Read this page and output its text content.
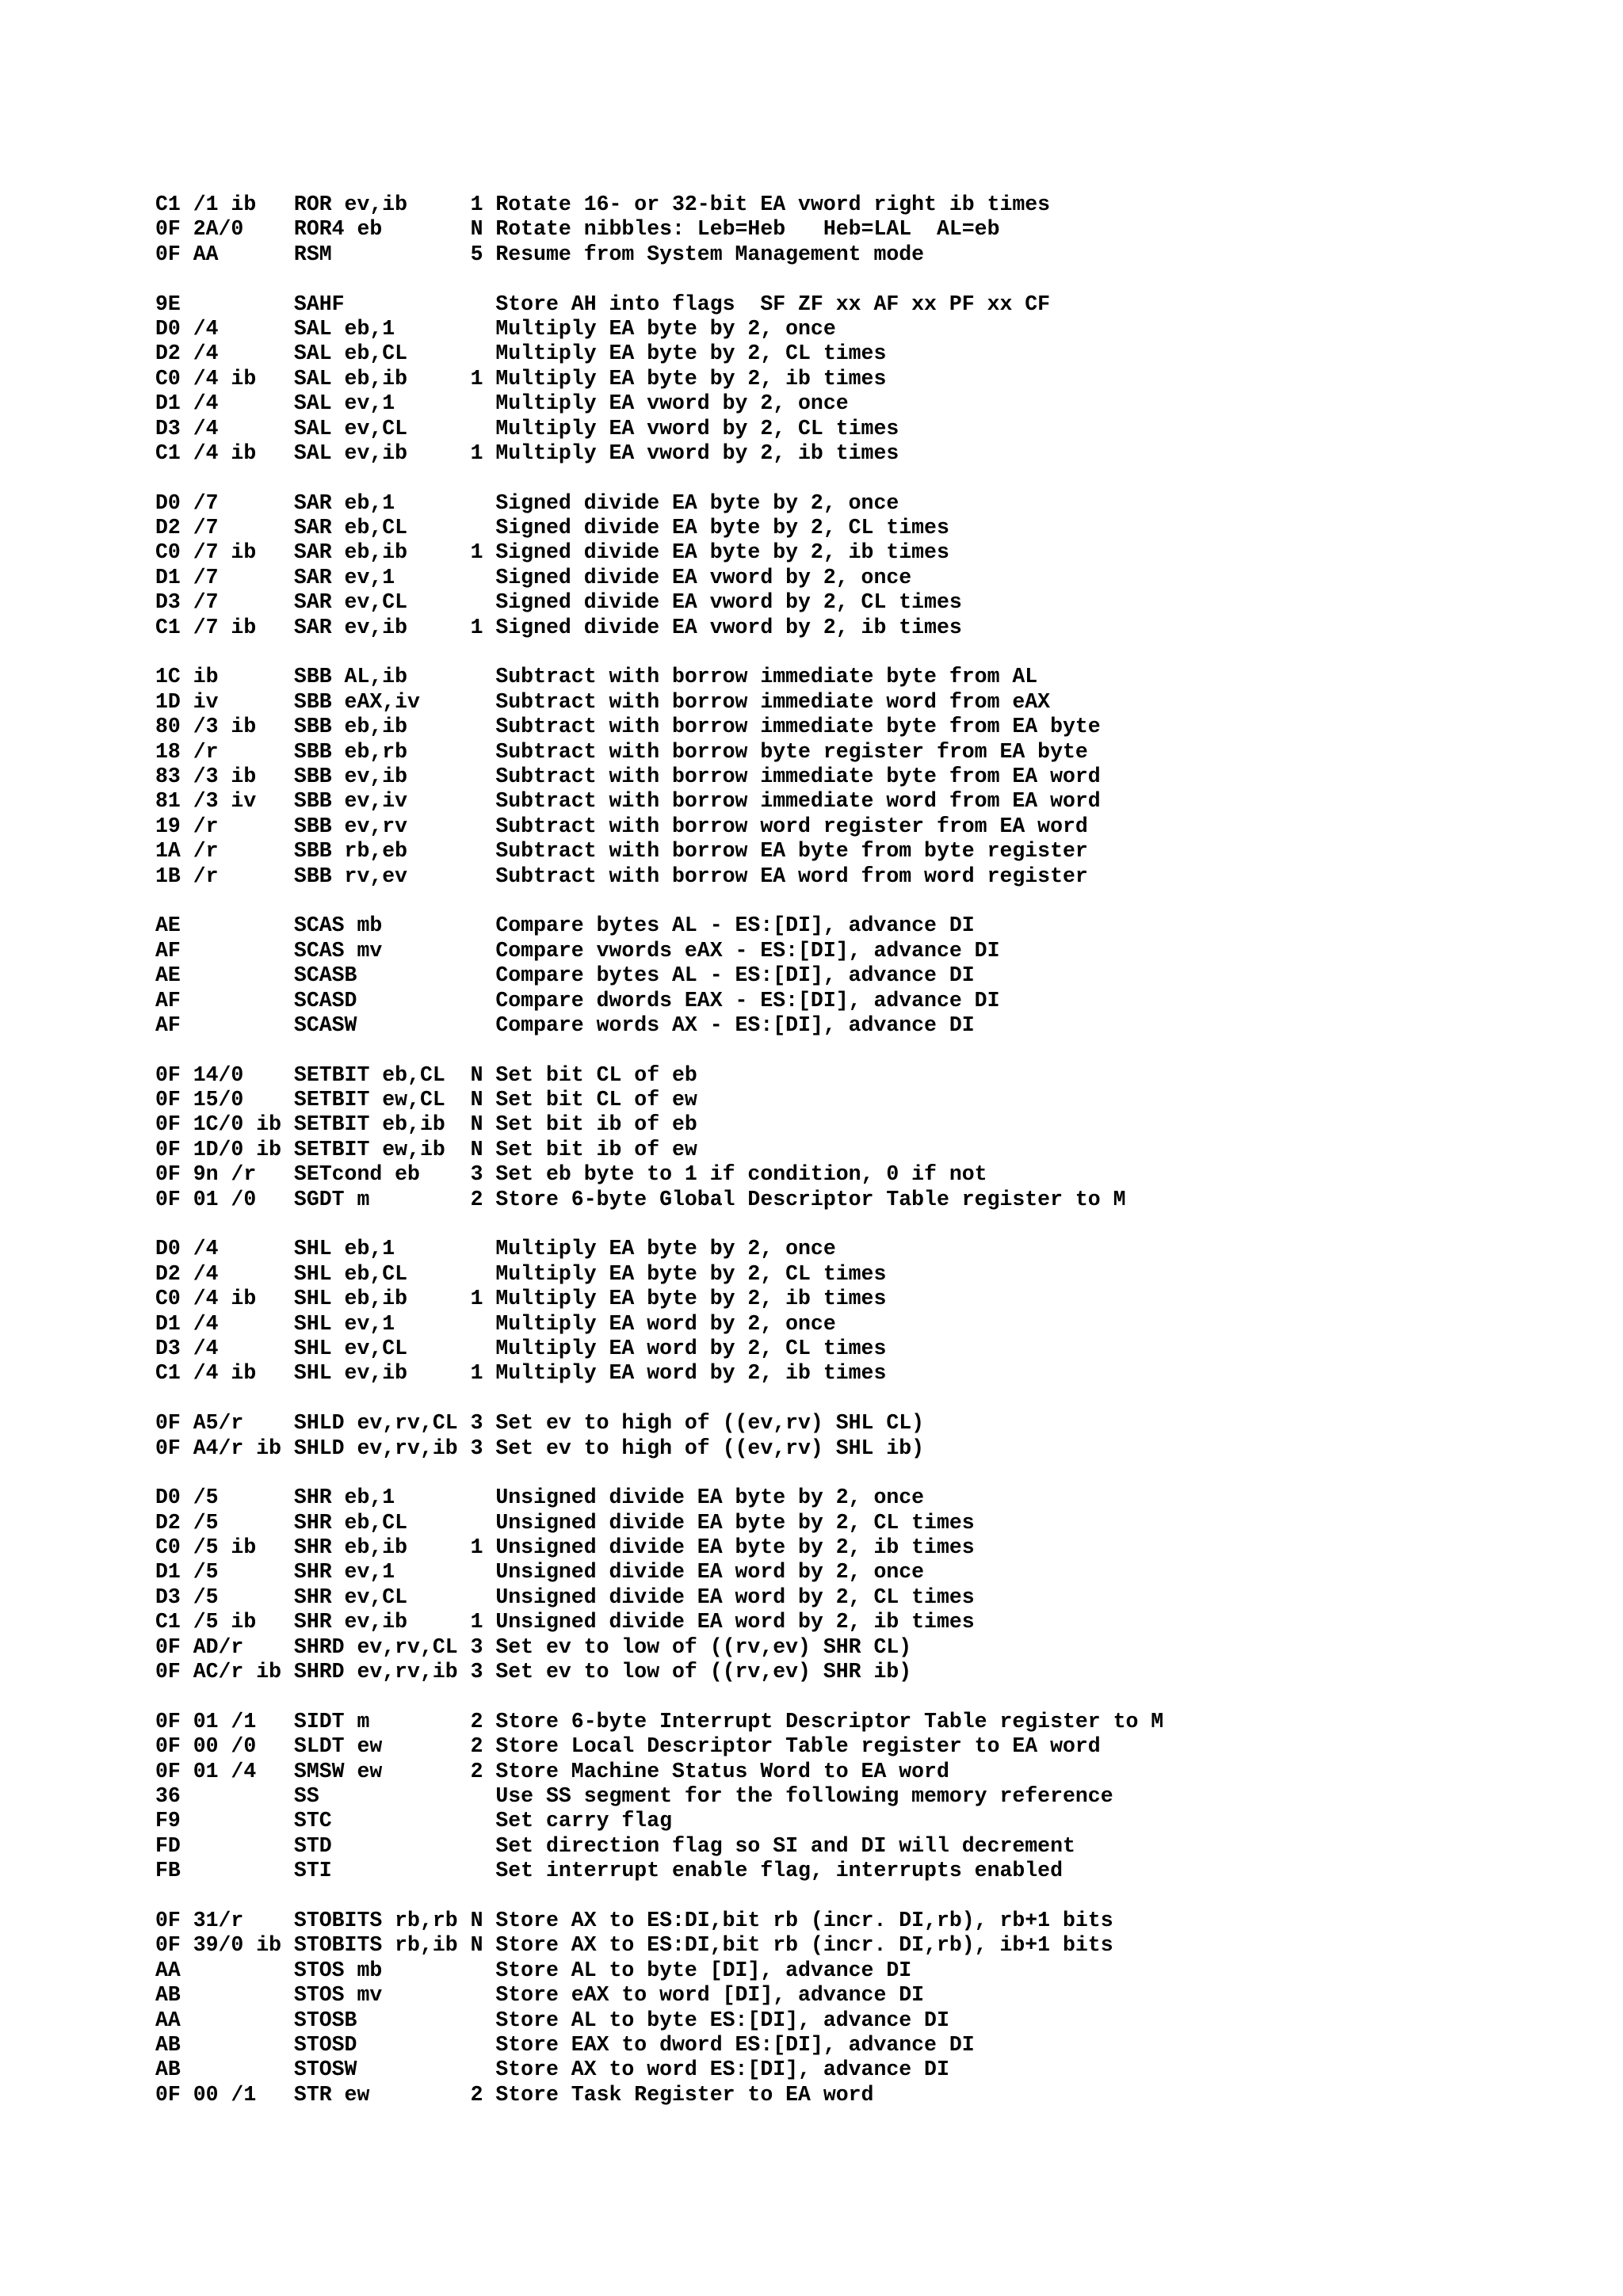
C1 /1 ib   ROR ev,ib     1 Rotate 16- or 32-bit EA vword right ib times
0F 2A/0    ROR4 eb       N Rotate nibbles: Leb=Heb   Heb=LAL  AL=eb
0F AA      RSM           5 Resume from System Management mode
9E         SAHF            Store AH into flags  SF ZF xx AF xx PF xx CF
D0 /4      SAL eb,1        Multiply EA byte by 2, once
D2 /4      SAL eb,CL       Multiply EA byte by 2, CL times
C0 /4 ib   SAL eb,ib     1 Multiply EA byte by 2, ib times
D1 /4      SAL ev,1        Multiply EA vword by 2, once
D3 /4      SAL ev,CL       Multiply EA vword by 2, CL times
C1 /4 ib   SAL ev,ib     1 Multiply EA vword by 2, ib times
D0 /7      SAR eb,1        Signed divide EA byte by 2, once
D2 /7      SAR eb,CL       Signed divide EA byte by 2, CL times
C0 /7 ib   SAR eb,ib     1 Signed divide EA byte by 2, ib times
D1 /7      SAR ev,1        Signed divide EA vword by 2, once
D3 /7      SAR ev,CL       Signed divide EA vword by 2, CL times
C1 /7 ib   SAR ev,ib     1 Signed divide EA vword by 2, ib times
1C ib      SBB AL,ib       Subtract with borrow immediate byte from AL
1D iv      SBB eAX,iv      Subtract with borrow immediate word from eAX
80 /3 ib   SBB eb,ib       Subtract with borrow immediate byte from EA byte
18 /r      SBB eb,rb       Subtract with borrow byte register from EA byte
83 /3 ib   SBB ev,ib       Subtract with borrow immediate byte from EA word
81 /3 iv   SBB ev,iv       Subtract with borrow immediate word from EA word
19 /r      SBB ev,rv       Subtract with borrow word register from EA word
1A /r      SBB rb,eb       Subtract with borrow EA byte from byte register
1B /r      SBB rv,ev       Subtract with borrow EA word from word register
AE         SCAS mb         Compare bytes AL - ES:[DI], advance DI
AF         SCAS mv         Compare vwords eAX - ES:[DI], advance DI
AE         SCASB           Compare bytes AL - ES:[DI], advance DI
AF         SCASD           Compare dwords EAX - ES:[DI], advance DI
AF         SCASW           Compare words AX - ES:[DI], advance DI
0F 14/0    SETBIT eb,CL  N Set bit CL of eb
0F 15/0    SETBIT ew,CL  N Set bit CL of ew
0F 1C/0 ib SETBIT eb,ib  N Set bit ib of eb
0F 1D/0 ib SETBIT ew,ib  N Set bit ib of ew
0F 9n /r   SETcond eb    3 Set eb byte to 1 if condition, 0 if not
0F 01 /0   SGDT m        2 Store 6-byte Global Descriptor Table register to M
D0 /4      SHL eb,1        Multiply EA byte by 2, once
D2 /4      SHL eb,CL       Multiply EA byte by 2, CL times
C0 /4 ib   SHL eb,ib     1 Multiply EA byte by 2, ib times
D1 /4      SHL ev,1        Multiply EA word by 2, once
D3 /4      SHL ev,CL       Multiply EA word by 2, CL times
C1 /4 ib   SHL ev,ib     1 Multiply EA word by 2, ib times
0F A5/r    SHLD ev,rv,CL 3 Set ev to high of ((ev,rv) SHL CL)
0F A4/r ib SHLD ev,rv,ib 3 Set ev to high of ((ev,rv) SHL ib)
D0 /5      SHR eb,1        Unsigned divide EA byte by 2, once
D2 /5      SHR eb,CL       Unsigned divide EA byte by 2, CL times
C0 /5 ib   SHR eb,ib     1 Unsigned divide EA byte by 2, ib times
D1 /5      SHR ev,1        Unsigned divide EA word by 2, once
D3 /5      SHR ev,CL       Unsigned divide EA word by 2, CL times
C1 /5 ib   SHR ev,ib     1 Unsigned divide EA word by 2, ib times
0F AD/r    SHRD ev,rv,CL 3 Set ev to low of ((rv,ev) SHR CL)
0F AC/r ib SHRD ev,rv,ib 3 Set ev to low of ((rv,ev) SHR ib)
0F 01 /1   SIDT m        2 Store 6-byte Interrupt Descriptor Table register to M
0F 00 /0   SLDT ew       2 Store Local Descriptor Table register to EA word
0F 01 /4   SMSW ew       2 Store Machine Status Word to EA word
36         SS              Use SS segment for the following memory reference
F9         STC             Set carry flag
FD         STD             Set direction flag so SI and DI will decrement
FB         STI             Set interrupt enable flag, interrupts enabled
0F 31/r    STOBITS rb,rb N Store AX to ES:DI,bit rb (incr. DI,rb), rb+1 bits
0F 39/0 ib STOBITS rb,ib N Store AX to ES:DI,bit rb (incr. DI,rb), ib+1 bits
AA         STOS mb         Store AL to byte [DI], advance DI
AB         STOS mv         Store eAX to word [DI], advance DI
AA         STOSB           Store AL to byte ES:[DI], advance DI
AB         STOSD           Store EAX to dword ES:[DI], advance DI
AB         STOSW           Store AX to word ES:[DI], advance DI
0F 00 /1   STR ew        2 Store Task Register to EA word
